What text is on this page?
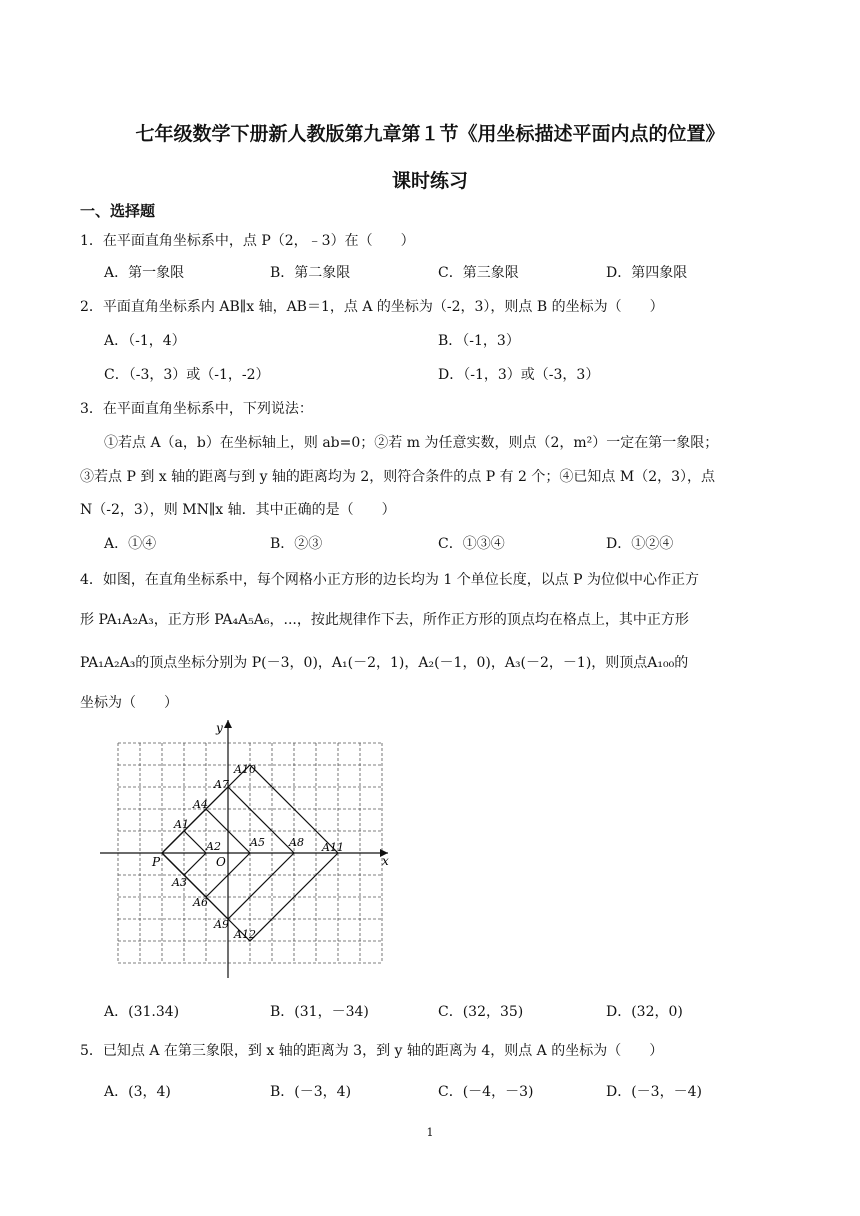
七年级数学下册新人教版第九章第１节《用坐标描述平面内点的位置》
课时练习
一、选择题
1．在平面直角坐标系中，点 P（2，﹣3）在（　　）
A．第一象限	B．第二象限	C．第三象限	D．第四象限
2．平面直角坐标系内 AB∥x 轴，AB＝1，点 A 的坐标为（-2，3），则点 B 的坐标为（　　）
A．（-1，4）	B．（-1，3）
C．（-3，3）或（-1，-2）	D．（-1，3）或（-3，3）
3．在平面直角坐标系中，下列说法：
①若点 A（a，b）在坐标轴上，则 ab=0；②若 m 为任意实数，则点（2，m²）一定在第一象限；
③若点 P 到 x 轴的距离与到 y 轴的距离均为 2，则符合条件的点 P 有 2 个；④已知点 M（2，3），点
N（-2，3），则 MN∥x 轴．其中正确的是（　　）
A．①④	B．②③	C．①③④	D．①②④
4．如图，在直角坐标系中，每个网格小正方形的边长均为 1 个单位长度，以点 P 为位似中心作正方
形 PA₁A₂A₃，正方形 PA₄A₅A₆，...，按此规律作下去，所作正方形的顶点均在格点上，其中正方形
PA₁A₂A₃的顶点坐标分别为 P(－3，0)，A₁(－2，1)，A₂(－1，0)，A₃(－2，－1)，则顶点A₁₀₀的
坐标为（　　）
x
y
O
P
A1
A2
A3
A4
A5
A6
A7
A8
A9
A10
A11
A12
A．(31.34)	B．(31，－34)	C．(32，35)	D．(32，0)
5．已知点 A 在第三象限，到 x 轴的距离为 3，到 y 轴的距离为 4，则点 A 的坐标为（　　）
A．(3，4)	B．(－3，4)	C．(－4，－3)	D．(－3，－4)
1
